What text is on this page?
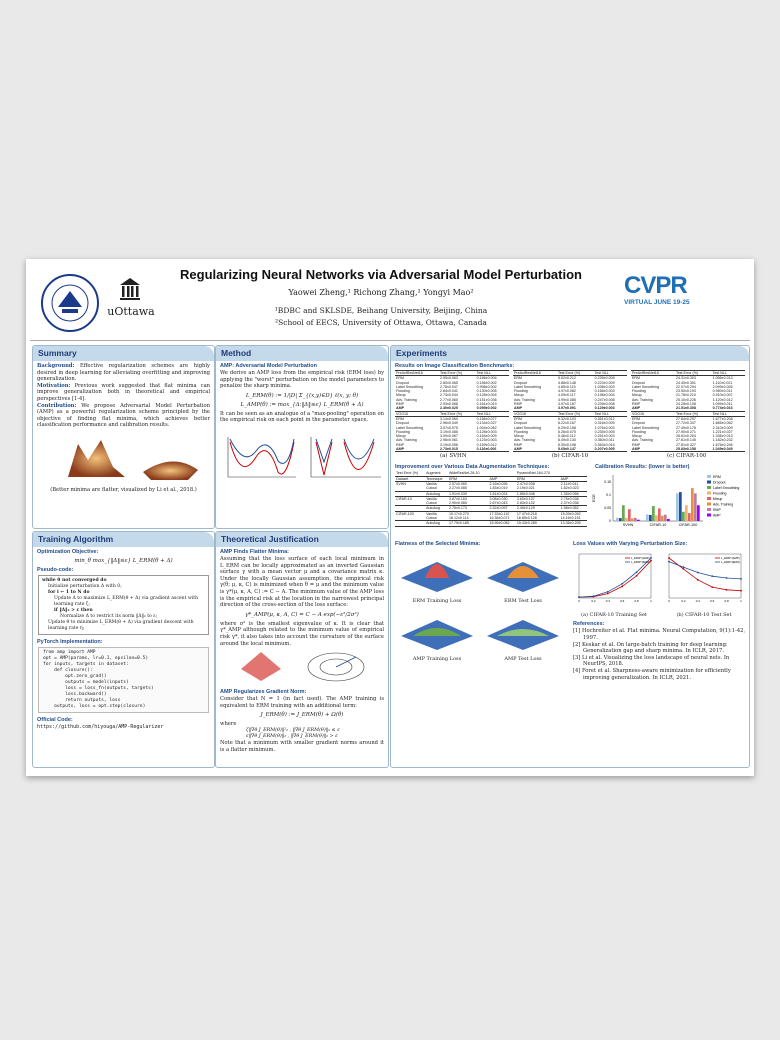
uOttawa
Regularizing Neural Networks via Adversarial Model Perturbation
Yaowei Zheng,¹ Richong Zhang,¹ Yongyi Mao²
¹BDBC and SKLSDE, Beihang University, Beijing, China
²School of EECS, University of Ottawa, Ottawa, Canada
CVPR
VIRTUAL JUNE 19-25
Summary
Background: Effective regularization schemes are highly desired in deep learning for alleviating overfitting and improving generalization.
Motivation: Previous work suggested that flat minima can improve generalization both in theoretical and empirical perspectives [1-4].
Contribution: We propose Adversarial Model Perturbation (AMP) as a powerful regularization scheme principled by the objective of finding flat minima, which achieves better classification performance and calibration results.
(Better minima are flatter, visualized by Li et al., 2018.)
Training Algorithm
Optimization Objective:
min_θ max_{‖Δ‖≤ε} L_ERM(θ + Δ)
Pseudo-code:
while θ not converged do
Initialize perturbation Δ with 0;
for i ← 1 to N do
Update Δ to maximize L_ERM(θ + Δ) via gradient ascent with learning rate ζ;
if ‖Δ‖₂ > ε then
Normalize Δ to restrict its norm ‖Δ‖₂ to ε;
Update θ to minimize L_ERM(θ + Δ) via gradient descent with learning rate η;
PyTorch Implementation:
from amp import AMP
opt = AMP(params, lr=0.1, epsilon=0.5)
for inputs, targets in dataset:
def closure():
opt.zero_grad()
outputs = model(inputs)
loss = loss_fn(outputs, targets)
loss.backward()
return outputs, loss
outputs, loss = opt.step(closure)
Official Code:
https://github.com/hiyouga/AMP-Regularizer
Method
AMP: Adversarial Model Perturbation
We derive an AMP loss from the empirical risk (ERM loss) by applying the "worst" perturbation on the model parameters to penalize the sharp minima.
L_ERM(θ) := 1/|D| Σ_{(x,y)∈D} ℓ(x, y; θ)
L_AMP(θ) := max_{Δ:‖Δ‖≤ε} L_ERM(θ + Δ)
It can be seen as an analogue of a "max-pooling" operation on the empirical risk on each point in the parameter space.
Theoretical Justification
AMP Finds Flatter Minima:
Assuming that the loss surface of each local minimum in L_ERM can be locally approximated as an inverted Gaussian surface γ with a mean vector μ and a covariance matrix κ. Under the locally Gaussian assumption, the empirical risk γ(θ; μ, κ, C) is minimized when θ = μ and the minimum value is γ*(μ, κ, A, C) := C − A. The minimum value of the AMP loss is the empirical risk at the location in the narrowest principal direction of the cross-section of the loss surface:
γ*_AMP(μ, κ, A, C) = C − A exp(−ε²/2σ²)
where σ² is the smallest eigenvalue of κ. It is clear that γ*_AMP although related to the minimum value of empirical risk γ*, it also takes into account the curvature of the surface around the local minimum.
AMP Regularizes Gradient Norm:
Consider that N = 1 (in fact used). The AMP training is equivalent to ERM training with an additional term:
J_ERM(θ) := J_ERM(θ) + Ω(θ)
where
ζ‖∇θ J_ERM(θ)‖²₂ , ‖∇θ J_ERM(θ)‖₂ ≤ ε
ε‖∇θ J_ERM(θ)‖₂ , ‖∇θ J_ERM(θ)‖₂ > ε
Note that a minimum with smaller gradient norms around it is a flatter minimum.
Experiments
Results on Image Classification Benchmarks:
PreActResNet18	Test Error (%)	Test NLL
ERM	2.95±0.063	0.166±0.004
Dropout	2.80±0.065	0.156±0.002
Label Smoothing	2.78±0.047	0.998±0.002
Flooding	2.84±0.041	0.130±0.005
Mixup	2.74±0.044	0.128±0.004
Adv. Training	2.77±0.060	0.151±0.036
RMP	2.93±0.068	0.161±0.019
AMP	2.30±0.025	0.095±0.002
VGG16	Test Error (%)	Test NLL
ERM	3.14±0.060	0.166±0.077
Dropout	2.96±0.049	0.134±0.027
Label Smoothing	3.07±0.075	1.004±0.062
Flooding	3.19±0.085	0.128±0.003
Mixup	3.09±0.067	0.164±0.009
Adv. Training	2.96±0.061	0.123±0.003
RMP	3.19±0.056	0.159±0.012
AMP	2.73±0.015	0.116±0.006
PreActResNet18	Test Error (%)	Test NLL
ERM	5.02±0.212	0.239±0.009
Dropout	4.86±0.148	0.223±0.009
Label Smoothing	4.85±0.115	1.038±0.003
Flooding	4.97±0.082	0.166±0.003
Mixup	4.09±0.117	0.198±0.004
Adv. Training	4.99±0.085	0.247±0.008
RMP	4.97±0.167	0.239±0.008
AMP	3.97±0.091	0.129±0.003
VGG16	Test Error (%)	Test NLL
ERM	6.32±0.193	0.361±0.012
Dropout	6.22±0.167	0.316±0.009
Label Smoothing	6.29±0.158	1.076±0.003
Flooding	6.26±0.075	0.235±0.005
Mixup	5.46±0.112	0.251±0.003
Adv. Training	6.49±0.130	0.360±0.011
RMP	6.30±0.198	0.363±0.016
AMP	5.65±0.147	0.207±0.005
PreActResNet18	Test Error (%)	Test NLL
ERM	24.31±0.303	1.056±0.013
Dropout	24.40±0.351	1.110±0.021
Label Smoothing	22.07±0.294	2.099±0.005
Flooding	23.50±0.193	0.950±0.011
Mixup	21.78±0.210	0.910±0.007
Adv. Training	25.10±0.226	1.120±0.012
RMP	24.28±0.108	1.099±0.011
AMP	21.51±0.308	0.774±0.016
VGG16	Test Error (%)	Test NLL
ERM	27.84±0.297	1.677±0.208
Dropout	27.72±0.337	1.665±0.062
Label Smoothing	27.49±0.178	2.310±0.009
Flooding	27.90±0.271	1.221±0.027
Mixup	26.61±0.254	1.336±0.013
Adv. Training	27.61±0.145	1.182±0.232
RMP	27.81±0.327	1.676±0.246
AMP	25.83±0.158	1.049±0.049
(a) SVHN	(b) CIFAR-10	(c) CIFAR-100
Improvement over Various Data Augmentation Techniques:
Test Error (%)	Augment	WideResNet-28-10		PyramidNet-164-270	
Dataset	Technique	ERM	AMP	ERM	AMP
SVHN	Vanilla	2.57±0.060	2.15±0.036	2.47±0.036	2.11±0.041
	Cutout	2.27±0.085	1.83±0.019	2.19±0.021	1.82±0.023
	AutoAug	1.91±0.039	1.61±0.024	1.85±0.046	1.35±0.056
CIFAR-10	Vanilla	3.87±0.163	3.08±0.030	3.60±0.107	2.75±0.038
	Cutout	2.90±0.065	2.67±0.043	2.83±0.102	2.37±0.038
	AutoAug	2.76±0.173	2.32±0.097	2.49±0.129	1.98±0.052
CIFAR-100	Vanilla	19.17±0.270	17.33±0.110	17.47±0.218	15.09±0.092
	Cutout	18.12±0.114	16.36±0.071	16.85±0.128	14.16±0.151
	AutoAug	17.79±0.185	15.95±0.082	15.43±0.289	13.36±0.205
Calibration Results: (lower is better)
0
0.05
0.1
0.15
SVHN	CIFAR-10	CIFAR-100
ECE
ERM
Dropout
Label Smoothing
Flooding
Mixup
Adv. Training
RMP
AMP
Flatness of the Selected Minima:
ERM Training Loss	ERM Test Loss
AMP Training Loss	AMP Test Loss
Loss Values with Varying Perturbation Size:
0	0.2	0.4	0.6	0.8	1
L_ERM^{AMP}
L_ERM^{ERM}
(a) CIFAR-10 Training Set
0	0.2	0.4	0.6	0.8	1
L_ERM^{AMP}
L_ERM^{ERM}
(b) CIFAR-10 Test Set
References:
[1] Hochreiter et al. Flat minima. Neural Computation, 9(1):1-42, 1997.
[2] Keskar et al. On large-batch training for deep learning: Generalization gap and sharp minima. In ICLR, 2017.
[3] Li et al. Visualizing the loss landscape of neural nets. In NeurIPS, 2018.
[4] Foret et al. Sharpness-aware minimization for efficiently improving generalization. In ICLR, 2021.
